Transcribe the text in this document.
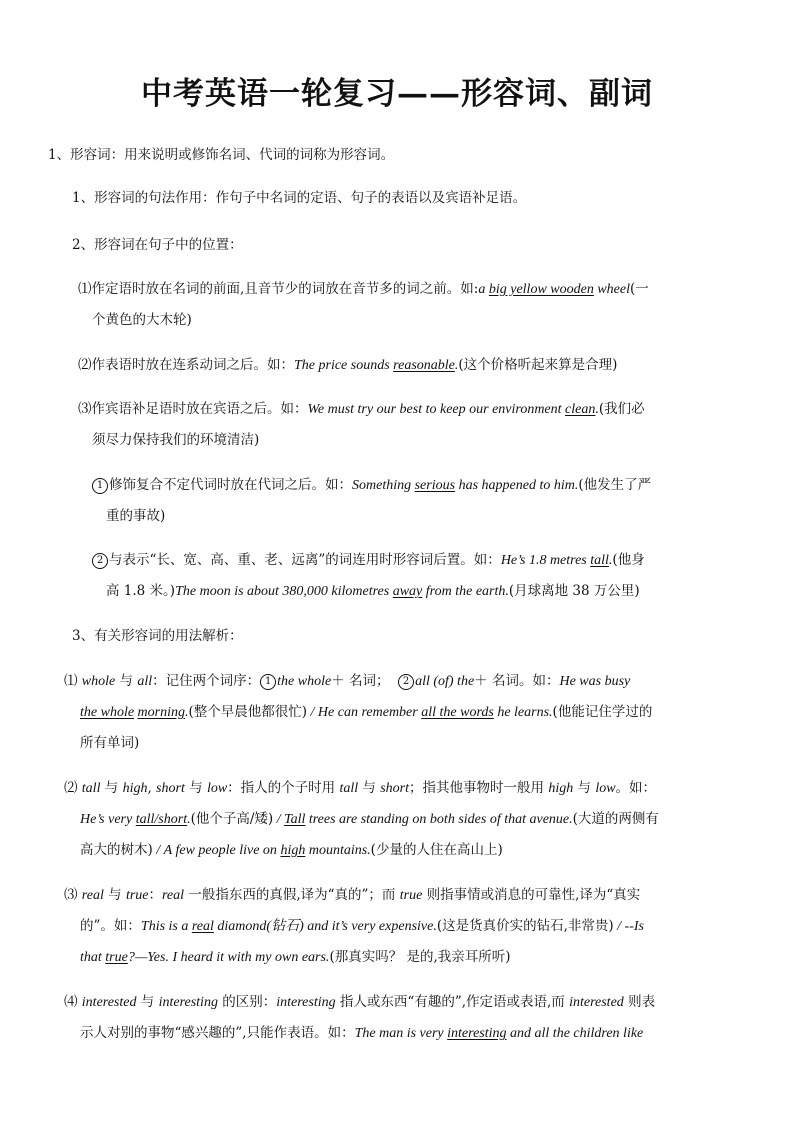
中考英语一轮复习——形容词、副词
1、形容词：用来说明或修饰名词、代词的词称为形容词。
1、形容词的句法作用：作句子中名词的定语、句子的表语以及宾语补足语。
2、形容词在句子中的位置：
⑴作定语时放在名词的前面,且音节少的词放在音节多的词之前。如:a big yellow wooden wheel(一
个黄色的大木轮)
⑵作表语时放在连系动词之后。如：The price sounds reasonable.(这个价格听起来算是合理)
⑶作宾语补足语时放在宾语之后。如：We must try our best to keep our environment clean.(我们必
须尽力保持我们的环境清洁)
1 修饰复合不定代词时放在代词之后。如：Something serious has happened to him.(他发生了严
重的事故)
2 与表示“长、宽、高、重、老、远离”的词连用时形容词后置。如：He’s 1.8 metres tall.(他身
高 1.8 米。)The moon is about 380,000 kilometres away from the earth.(月球离地 38 万公里)
3、有关形容词的用法解析：
⑴ whole 与 all：记住两个词序： 1 the whole＋ 名词； 2 all (of) the＋ 名词。如：He was busy
the whole morning.(整个早晨他都很忙) / He can remember all the words he learns.(他能记住学过的
所有单词)
⑵ tall 与 high, short 与 low：指人的个子时用 tall 与 short；指其他事物时一般用 high 与 low。如：
He’s very tall/short.(他个子高/矮) / Tall trees are standing on both sides of that avenue.(大道的两侧有
高大的树木) / A few people live on high mountains.(少量的人住在高山上)
⑶ real 与 true：real 一般指东西的真假,译为“真的”；而 true 则指事情或消息的可靠性,译为“真实
的”。如：This is a real diamond(钻石) and it’s very expensive.(这是货真价实的钻石,非常贵) / --Is
that true?—Yes. I heard it with my own ears.(那真实吗？ 是的,我亲耳所听)
⑷ interested 与 interesting 的区别：interesting 指人或东西“有趣的”,作定语或表语,而 interested 则表
示人对别的事物“感兴趣的”,只能作表语。如：The man is very interesting and all the children like
